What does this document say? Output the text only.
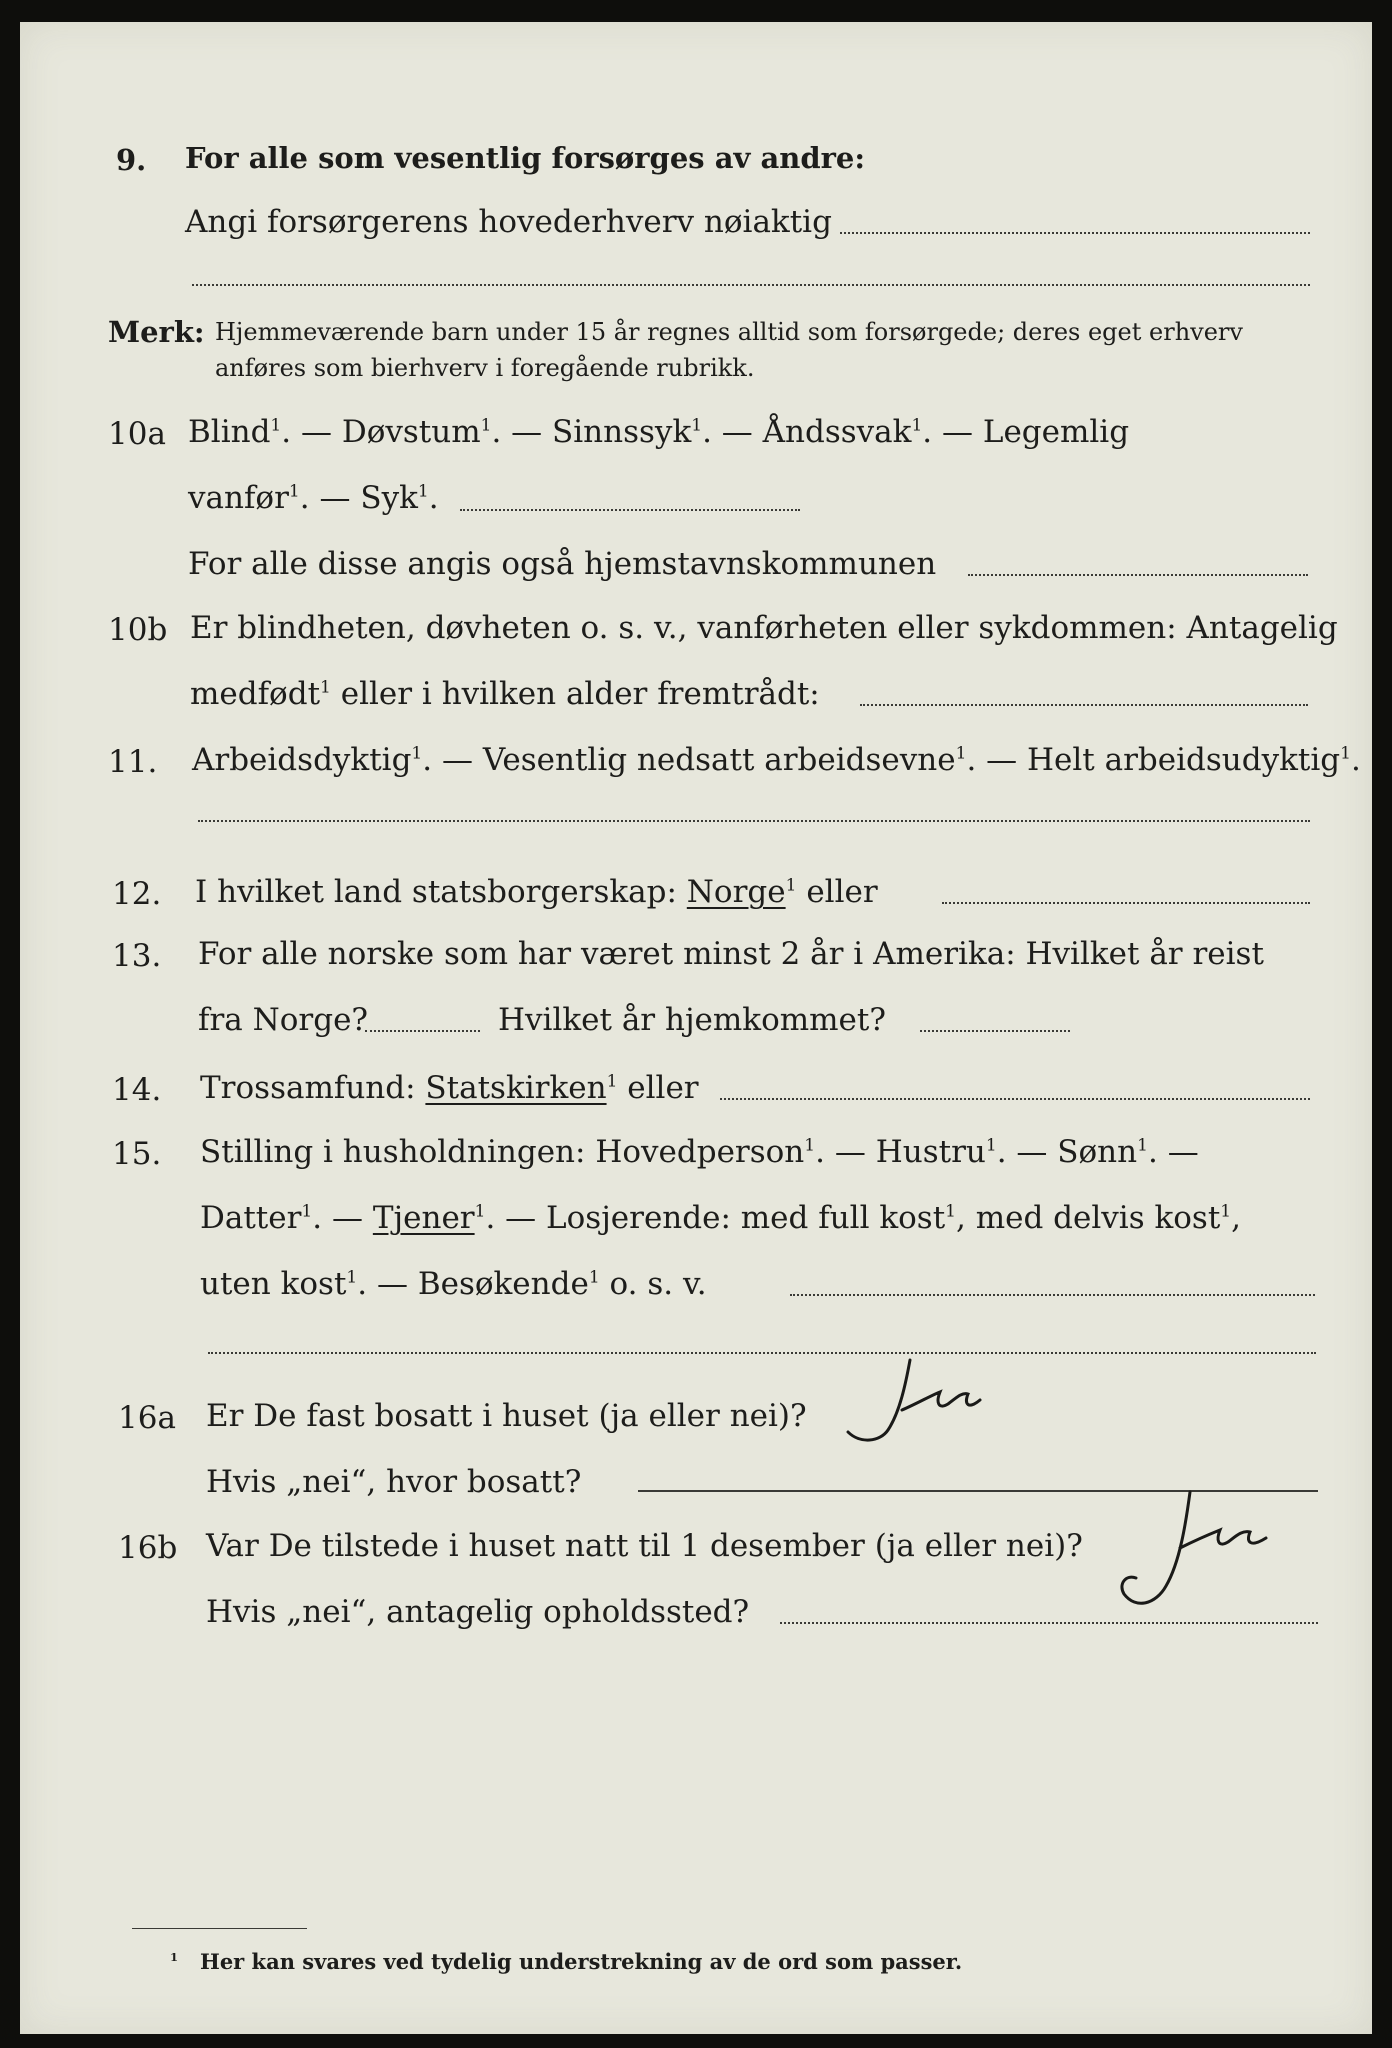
9. For alle som vesentlig forsørges av andre:
Angi forsørgerens hovederhverv nøiaktig
Merk: Hjemmeværende barn under 15 år regnes alltid som forsørgede; deres eget erhverv
anføres som bierhverv i foregående rubrikk.
10a Blind$^1$. — Døvstum$^1$. — Sinnssyk$^1$. — Åndssvak$^1$. — Legemlig
vanfør$^1$. — Syk$^1$.
For alle disse angis også hjemstavnskommunen
10b Er blindheten, døvheten o. s. v., vanførheten eller sykdommen: Antagelig
medfødt$^1$ eller i hvilken alder fremtrådt:
11. Arbeidsdyktig$^1$. — Vesentlig nedsatt arbeidsevne$^1$. — Helt arbeidsudyktig$^1$.
12. I hvilket land statsborgerskap: Norge$^1$ eller
13. For alle norske som har været minst 2 år i Amerika: Hvilket år reist
fra Norge?	Hvilket år hjemkommet?
14. Trossamfund: Statskirken$^1$ eller
15. Stilling i husholdningen: Hovedperson$^1$. — Hustru$^1$. — Sønn$^1$. —
Datter$^1$. — Tjener$^1$. — Losjerende: med full kost$^1$, med delvis kost$^1$,
uten kost$^1$. — Besøkende$^1$ o. s. v.
16a Er De fast bosatt i huset (ja eller nei)?
Ja
Hvis „nei“, hvor bosatt?
16b Var De tilstede i huset natt til 1 desember (ja eller nei)?
Ja
Hvis „nei“, antagelig opholdssted?
$^1$ Her kan svares ved tydelig understrekning av de ord som passer.
